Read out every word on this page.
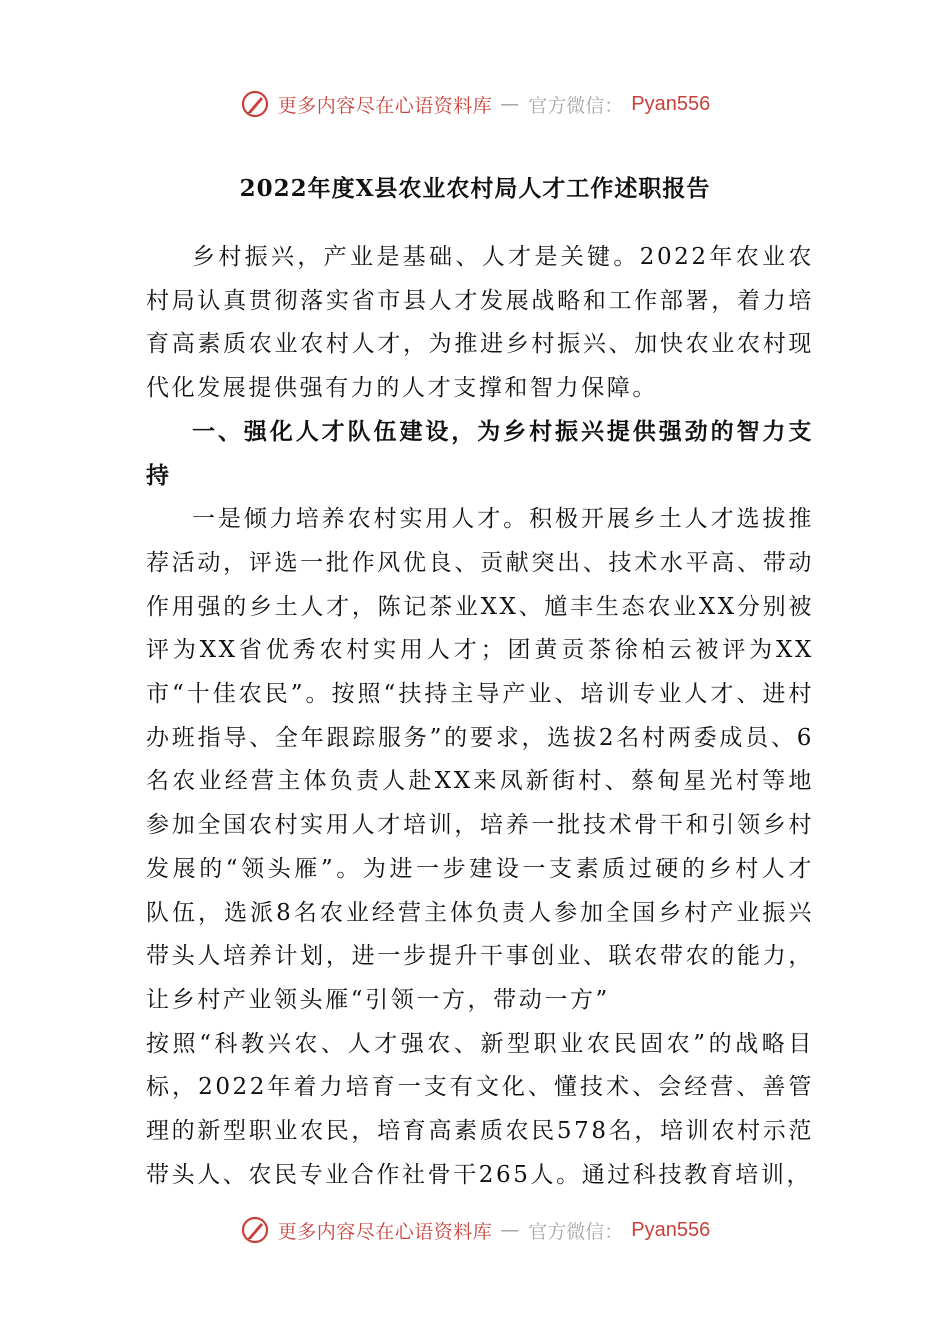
更多内容尽在心语资料库 — 官方微信： Pyan556
2022年度X县农业农村局人才工作述职报告

乡村振兴，产业是基础、人才是关键。2022年农业农村局认真贯彻落实省市县人才发展战略和工作部署，着力培育高素质农业农村人才，为推进乡村振兴、加快农业农村现代化发展提供强有力的人才支撑和智力保障。

一、强化人才队伍建设，为乡村振兴提供强劲的智力支持

一是倾力培养农村实用人才。积极开展乡土人才选拔推荐活动，评选一批作风优良、贡献突出、技术水平高、带动作用强的乡土人才，陈记茶业XX、馗丰生态农业XX分别被评为XX省优秀农村实用人才；团黄贡茶徐柏云被评为XX市“十佳农民”。按照“扶持主导产业、培训专业人才、进村办班指导、全年跟踪服务”的要求，选拔2名村两委成员、6名农业经营主体负责人赴XX来凤新街村、蔡甸星光村等地参加全国农村实用人才培训，培养一批技术骨干和引领乡村发展的“领头雁”。为进一步建设一支素质过硬的乡村人才队伍，选派8名农业经营主体负责人参加全国乡村产业振兴带头人培养计划，进一步提升干事创业、联农带农的能力，让乡村产业领头雁“引领一方，带动一方”

按照“科教兴农、人才强农、新型职业农民固农”的战略目标，2022年着力培育一支有文化、懂技术、会经营、善管理的新型职业农民，培育高素质农民578名，培训农村示范带头人、农民专业合作社骨干265人。通过科技教育培训，

更多内容尽在心语资料库 — 官方微信： Pyan556
